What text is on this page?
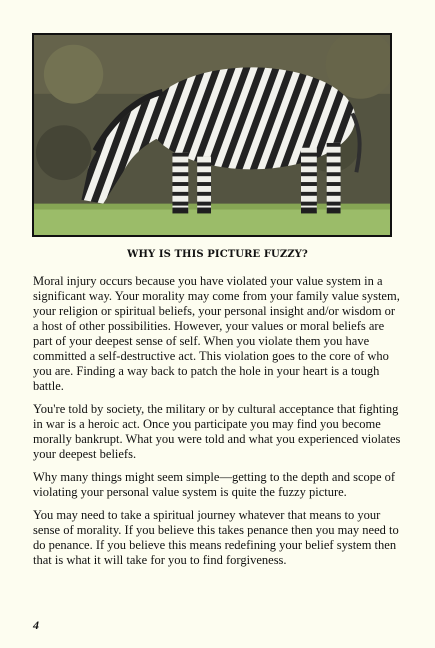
WHY IS THIS PICTURE FUZZY?

Moral injury occurs because you have violated your value system in a significant way. Your morality may come from your family value system, your religion or spiritual beliefs, your personal insight and/or wisdom or a host of other possibilities. However, your values or moral beliefs are part of your deepest sense of self. When you violate them you have committed a self-destructive act. This violation goes to the core of who you are. Finding a way back to patch the hole in your heart is a tough battle.

You're told by society, the military or by cultural acceptance that fighting in war is a heroic act. Once you participate you may find you become morally bankrupt. What you were told and what you experienced violates your deepest beliefs.

Why many things might seem simple—getting to the depth and scope of violating your personal value system is quite the fuzzy picture.

You may need to take a spiritual journey whatever that means to your sense of morality. If you believe this takes penance then you may need to do penance. If you believe this means redefining your belief system then that is what it will take for you to find forgiveness.

4
